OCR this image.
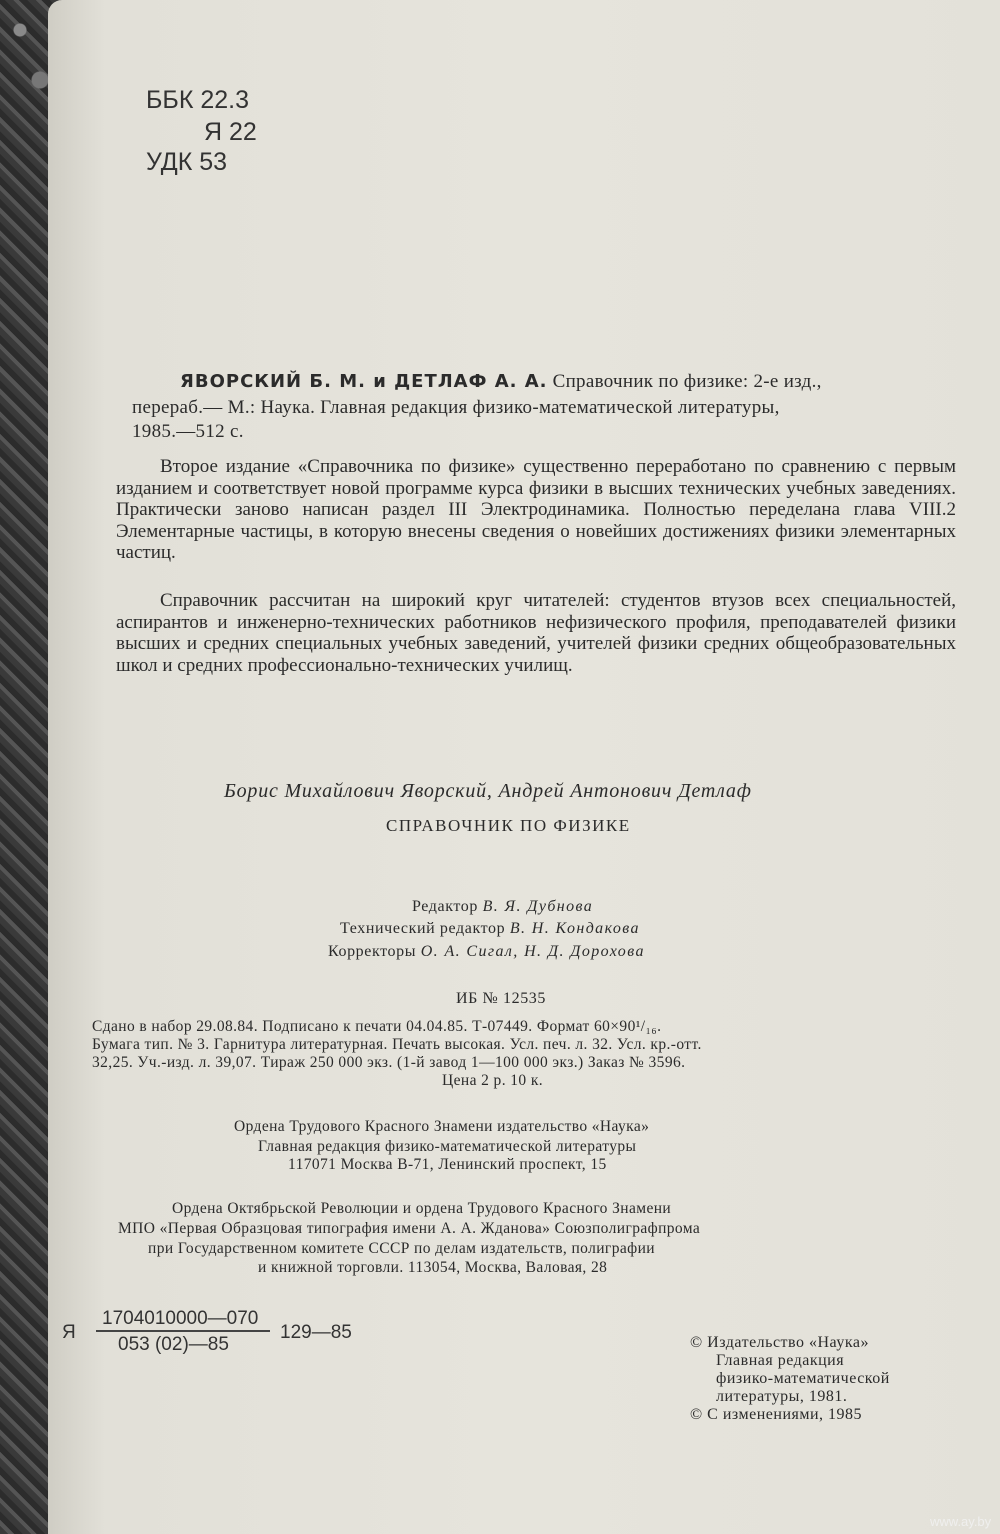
ББК 22.3
Я 22
УДК 53
ЯВОРСКИЙ Б. М. и ДЕТЛАФ А. А. Справочник по физике: 2-е изд.,
перераб.— М.: Наука. Главная редакция физико-математической литературы,
1985.—512 с.
Второе издание «Справочника по физике» существенно переработано по сравнению с первым изданием и соответствует новой программе курса физики в высших технических учебных заведениях. Практически заново написан раздел III Электродинамика. Полностью переделана глава VIII.2 Элементарные частицы, в которую внесены сведения о новейших достижениях физики элементарных частиц.
Справочник рассчитан на широкий круг читателей: студентов втузов всех специальностей, аспирантов и инженерно-технических работников нефизического профиля, преподавателей физики высших и средних специальных учебных заведений, учителей физики средних общеобразовательных школ и средних профессионально-технических училищ.
Борис Михайлович Яворский, Андрей Антонович Детлаф
СПРАВОЧНИК ПО ФИЗИКЕ
Редактор В. Я. Дубнова
Технический редактор В. Н. Кондакова
Корректоры О. А. Сигал, Н. Д. Дорохова
ИБ № 12535
Сдано в набор 29.08.84. Подписано к печати 04.04.85. Т-07449. Формат 60×90¹/₁₆.
Бумага тип. № 3. Гарнитура литературная. Печать высокая. Усл. печ. л. 32. Усл. кр.-отт.
32,25. Уч.-изд. л. 39,07. Тираж 250 000 экз. (1-й завод 1—100 000 экз.) Заказ № 3596.
Цена 2 р. 10 к.
Ордена Трудового Красного Знамени издательство «Наука»
Главная редакция физико-математической литературы
117071 Москва В-71, Ленинский проспект, 15
Ордена Октябрьской Революции и ордена Трудового Красного Знамени
МПО «Первая Образцовая типография имени А. А. Жданова» Союзполиграфпрома
при Государственном комитете СССР по делам издательств, полиграфии
и книжной торговли. 113054, Москва, Валовая, 28
Я
1704010000—070
053 (02)—85
129—85	© Издательство «Наука»
Главная редакция
физико-математической
литературы, 1981.
© С изменениями, 1985
www.ay.by
